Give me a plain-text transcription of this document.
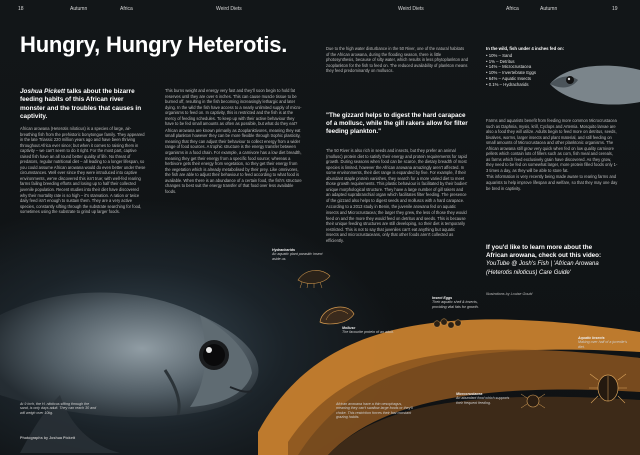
18	Autumn	Africa	Weird Diets	Weird Diets	Africa	Autumn	19
Hungry, Hungry Heterotis.
Joshua Pickett talks about the bizarre feeding habits of this African river monster and the troubles that causes in captivity.

African arowana (Heterotis niloticus) is a species of large, air-breathing fish from the prehistoric bonytongue family. They appeared in the late Triassic 220 million years ago and have been thriving throughout Africa ever since; but when it comes to raising them in captivity – we can't seem to do it right. For the most part, captive raised fish have an all round better quality of life. No threat of predators, regular nutritional diet – all leading to a longer lifespan, so you could assume African arowana would do even better under these circumstances. Well ever since they were introduced into captive environments, we've discovered this isn't true; with well-fed rearing farms failing breeding efforts and losing up to half their collected juvenile population. Recent studies into their diet have discovered why their mortality rate is so high – it's starvation. A ration or twice daily feed isn't enough to sustain them. They are a very active species, constantly sifting through the substrate searching for food, sometimes using the substrate to grind up larger foods.

This burns weight and energy very fast and they'll soon begin to hold fat reserves until they are over 6 inches. This can cause muscle tissue to be burned off, resulting in the fish becoming increasingly lethargic and later dying. In the wild the fish have access to a nearly unlimited supply of micro-organisms to feed on. In captivity, this is restricted and the fish is at the mercy of feeding schedules. To keep up with their active behaviour they have to be fed small amounts as often as possible, but what do they eat?

African arowana are known primarily as Zooplanktivores, meaning they eat small plankton however they can be more flexible through trophic plasticity, meaning that they can adjust their behaviour to collect energy from a wider range of food sources. A trophic structure is the energy transfer between organisms in a food chain. For example, a carnivore has a low diet breadth, meaning they get their energy from a specific food source; whereas a herbivore gets their energy from vegetation, so they get their energy from the vegetation which is already metabolised by their prey. Like omnivores, the fish are able to adjust their behaviour to feed according to what food is available. When there is an abundance of a certain food, the fish's structure changes to best suit the energy transfer of that food over less available foods.

Due to the high water disturbance in the 50 River, one of the natural habitats of the African arowana, during the flooding season, there is little photosynthesis, because of silty water, which results in less phytoplankton and zooplankton for the fish to feed on. The reduced availability of plankton means they feed predominantly on molluscs.

"The gizzard helps to digest the hard carapace of a mollusc, while the gill rakers allow for filter feeding plankton."

The 50 River is also rich in seeds and insects, but they prefer an animal (mollusc) protein diet to satisfy their energy and protein requirements for rapid growth. During seasons when food can be scarce, the dietary breadth of most species is limited, however the African arowana amazingly aren't affected. In some environments, their diet range is expanded by five. For example, if their abundant staple protein vanishes, they search for a more varied diet to meet those growth requirements. This plastic behaviour is facilitated by their bodies' unique morphological structure. They have a large number of gill rakers and an adapted suprabranchial organ which facilitates filter feeding. The presence of the gizzard also helps to digest seeds and molluscs with a hard carapace.

According to a 2013 study in Benin, the juvenile arowana fed on aquatic insects and Microcrustacea; the larger they grew, the less of those they would feed on and the more they would feed on detritus and seeds. This is because their unique feeding structures are still developing, so their diet is temporarily restricted. This is not to say that juveniles can't eat anything but aquatic insects and microcrustaceans, only that other foods aren't collected as efficiently.

In the wild, fish under 4 inches fed on:
• 10% – Sand
• 1% – Detritus
• 14% – Microcrustacea
• 10% – Invertebrate Eggs
• 64% – Aquatic Insects
• 0.1% – Hydracharids

Farms and aquarists benefit from feeding more common Microcrustacea such as Daphnia, mysis, krill, Cyclops and Artemia. Mosquito larvae are also a food they will utilize. Adults begin to feed more on detritus, seeds, bivalves, worms, larger insects and plant material, and still feeding on small amounts of Microcrustacea and other planktonic organisms. The African arowana still grow very quick when fed on low quality carnivore pellets which contain lots of fillers such as corn, fish meal and cereals, as farms which feed exclusively grain have discovered. As they grow, they need to be fed on somewhat larger, more protein filled foods only 1-3 times a day, as they will be able to store fat.

This information is very recently being made aware to rearing farms and aquarists to help improve lifespan and welfare, so that they may one day be bred in captivity.

If you'd like to learn more about the African arowana, check out this video:
YouTube @ Josh's Fish | 'African Arowana (Heterotis niloticus) Care Guide'
Illustrations by Louise Gould
Photographs by Joshua Pickett
At 9 inch, the H. niloticus sifting through the sand, is only days adult. They can reach 30 and will weigh over 10kg.
African arowana have a thin oesophagus, meaning they can't swallow large foods or they'll choke. This restriction forces their fast constant grazing habits.
Hydracharids
An aquatic plant parasitic insect aside us.
Mollusc
The favourite protein of an adult.
Insect Eggs
Their aquatic shell & insects, providing vital fats for growth.
Aquatic Insects
Making over half of a juvenile's diet.
Microcrustacea
An abundant food which supports their frequent feeding.
